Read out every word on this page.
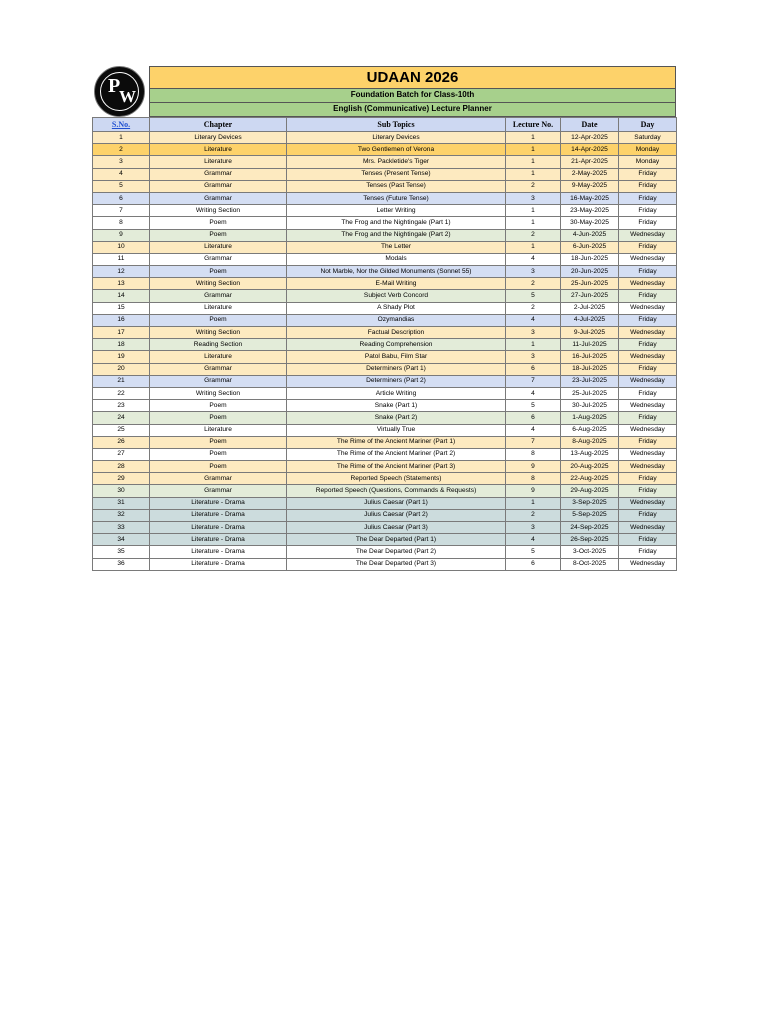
P
W
UDAAN 2026
Foundation Batch for Class-10th
English (Communicative) Lecture Planner
S.No.	Chapter	Sub Topics	Lecture No.	Date	Day
1	Literary Devices	Literary Devices	1	12-Apr-2025	Saturday
2	Literature	Two Gentlemen of Verona	1	14-Apr-2025	Monday
3	Literature	Mrs. Packletide's Tiger	1	21-Apr-2025	Monday
4	Grammar	Tenses (Present Tense)	1	2-May-2025	Friday
5	Grammar	Tenses (Past Tense)	2	9-May-2025	Friday
6	Grammar	Tenses (Future Tense)	3	16-May-2025	Friday
7	Writing Section	Letter Writing	1	23-May-2025	Friday
8	Poem	The Frog and the Nightingale (Part 1)	1	30-May-2025	Friday
9	Poem	The Frog and the Nightingale (Part 2)	2	4-Jun-2025	Wednesday
10	Literature	The Letter	1	6-Jun-2025	Friday
11	Grammar	Modals	4	18-Jun-2025	Wednesday
12	Poem	Not Marble, Nor the Gilded Monuments (Sonnet 55)	3	20-Jun-2025	Friday
13	Writing Section	E-Mail Writing	2	25-Jun-2025	Wednesday
14	Grammar	Subject Verb Concord	5	27-Jun-2025	Friday
15	Literature	A Shady Plot	2	2-Jul-2025	Wednesday
16	Poem	Ozymandias	4	4-Jul-2025	Friday
17	Writing Section	Factual Description	3	9-Jul-2025	Wednesday
18	Reading Section	Reading Comprehension	1	11-Jul-2025	Friday
19	Literature	Patol Babu, Film Star	3	16-Jul-2025	Wednesday
20	Grammar	Determiners (Part 1)	6	18-Jul-2025	Friday
21	Grammar	Determiners (Part 2)	7	23-Jul-2025	Wednesday
22	Writing Section	Article Writing	4	25-Jul-2025	Friday
23	Poem	Snake (Part 1)	5	30-Jul-2025	Wednesday
24	Poem	Snake (Part 2)	6	1-Aug-2025	Friday
25	Literature	Virtually True	4	6-Aug-2025	Wednesday
26	Poem	The Rime of the Ancient Mariner (Part 1)	7	8-Aug-2025	Friday
27	Poem	The Rime of the Ancient Mariner (Part 2)	8	13-Aug-2025	Wednesday
28	Poem	The Rime of the Ancient Mariner (Part 3)	9	20-Aug-2025	Wednesday
29	Grammar	Reported Speech (Statements)	8	22-Aug-2025	Friday
30	Grammar	Reported Speech (Questions, Commands & Requests)	9	29-Aug-2025	Friday
31	Literature - Drama	Julius Caesar (Part 1)	1	3-Sep-2025	Wednesday
32	Literature - Drama	Julius Caesar (Part 2)	2	5-Sep-2025	Friday
33	Literature - Drama	Julius Caesar (Part 3)	3	24-Sep-2025	Wednesday
34	Literature - Drama	The Dear Departed (Part 1)	4	26-Sep-2025	Friday
35	Literature - Drama	The Dear Departed (Part 2)	5	3-Oct-2025	Friday
36	Literature - Drama	The Dear Departed (Part 3)	6	8-Oct-2025	Wednesday
